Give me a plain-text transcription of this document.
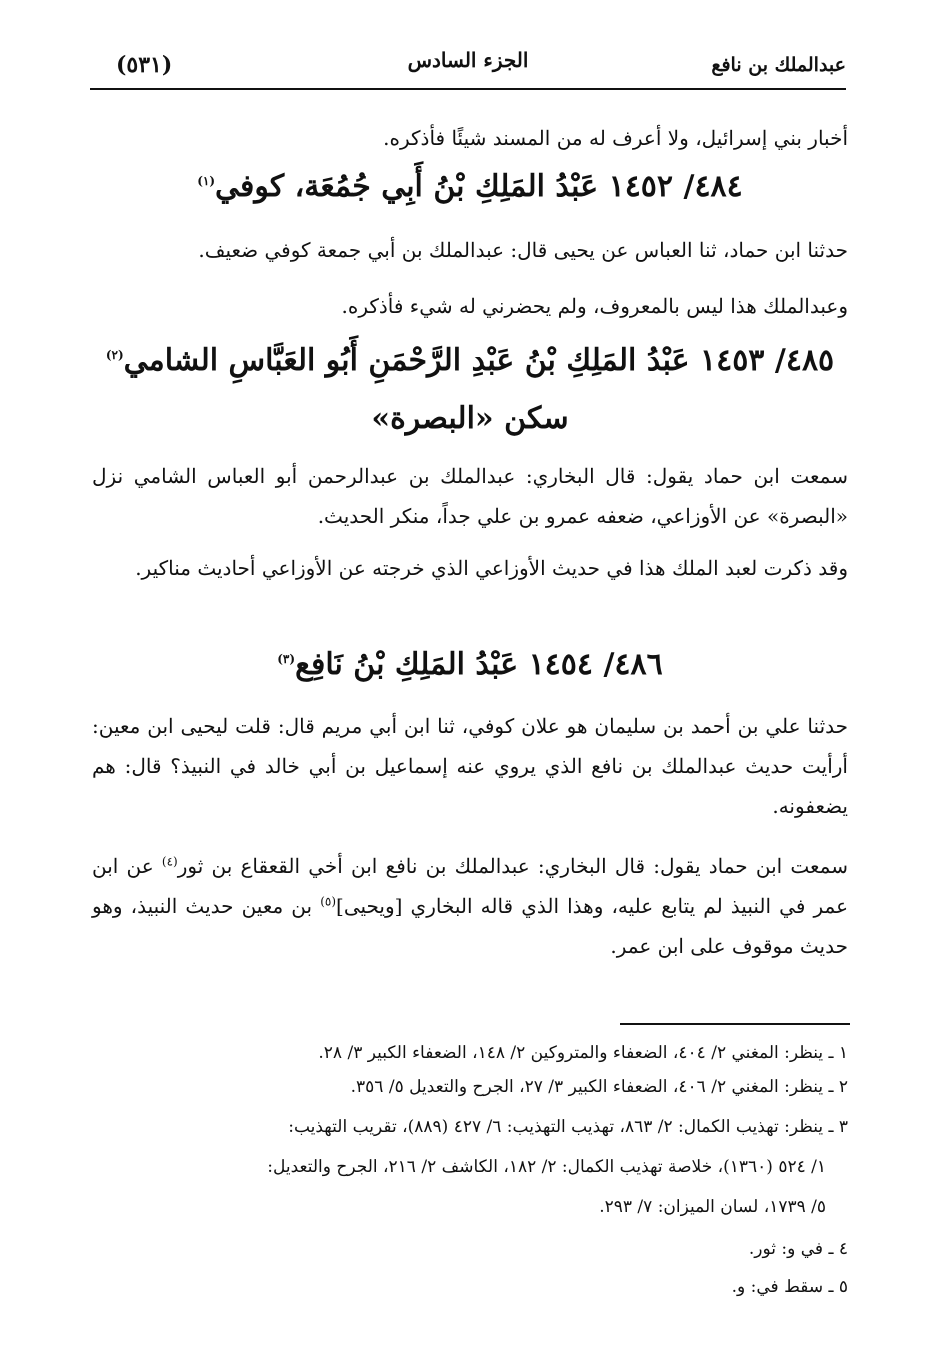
(٥٣١)	الجزء السادس	عبدالملك بن نافع
أخبار بني إسرائيل، ولا أعرف له من المسند شيئًا فأذكره.
٤٨٤/ ١٤٥٢ عَبْدُ المَلِكِ بْنُ أَبِي جُمُعَة، كوفي$^{(١)}$
حدثنا ابن حماد، ثنا العباس عن يحيى قال: عبدالملك بن أبي جمعة كوفي ضعيف.
وعبدالملك هذا ليس بالمعروف، ولم يحضرني له شيء فأذكره.
٤٨٥/ ١٤٥٣ عَبْدُ المَلِكِ بْنُ عَبْدِ الرَّحْمَنِ أَبُو العَبَّاسِ الشامي$^{(٢)}$
سكن «البصرة»
سمعت ابن حماد يقول: قال البخاري: عبدالملك بن عبدالرحمن أبو العباس الشامي نزل «البصرة» عن الأوزاعي، ضعفه عمرو بن علي جداً، منكر الحديث.
وقد ذكرت لعبد الملك هذا في حديث الأوزاعي الذي خرجته عن الأوزاعي أحاديث مناكير.
٤٨٦/ ١٤٥٤ عَبْدُ المَلِكِ بْنُ نَافِع$^{(٣)}$
حدثنا علي بن أحمد بن سليمان هو علان كوفي، ثنا ابن أبي مريم قال: قلت ليحيى ابن معين: أرأيت حديث عبدالملك بن نافع الذي يروي عنه إسماعيل بن أبي خالد في النبيذ؟ قال: هم يضعفونه.
سمعت ابن حماد يقول: قال البخاري: عبدالملك بن نافع ابن أخي القعقاع بن ثور$^{(٤)}$ عن ابن عمر في النبيذ لم يتابع عليه، وهذا الذي قاله البخاري [ويحيى]$^{(٥)}$ بن معين حديث النبيذ، وهو حديث موقوف على ابن عمر.
١ ـ ينظر: المغني ٢/ ٤٠٤، الضعفاء والمتروكين ٢/ ١٤٨، الضعفاء الكبير ٣/ ٢٨.
٢ ـ ينظر: المغني ٢/ ٤٠٦، الضعفاء الكبير ٣/ ٢٧، الجرح والتعديل ٥/ ٣٥٦.
٣ ـ ينظر: تهذيب الكمال: ٢/ ٨٦٣، تهذيب التهذيب: ٦/ ٤٢٧ (٨٨٩)، تقريب التهذيب:
١/ ٥٢٤ (١٣٦٠)، خلاصة تهذيب الكمال: ٢/ ١٨٢، الكاشف ٢/ ٢١٦، الجرح والتعديل:
٥/ ١٧٣٩، لسان الميزان: ٧/ ٢٩٣.
٤ ـ في و: ثور.
٥ ـ سقط في: و.
